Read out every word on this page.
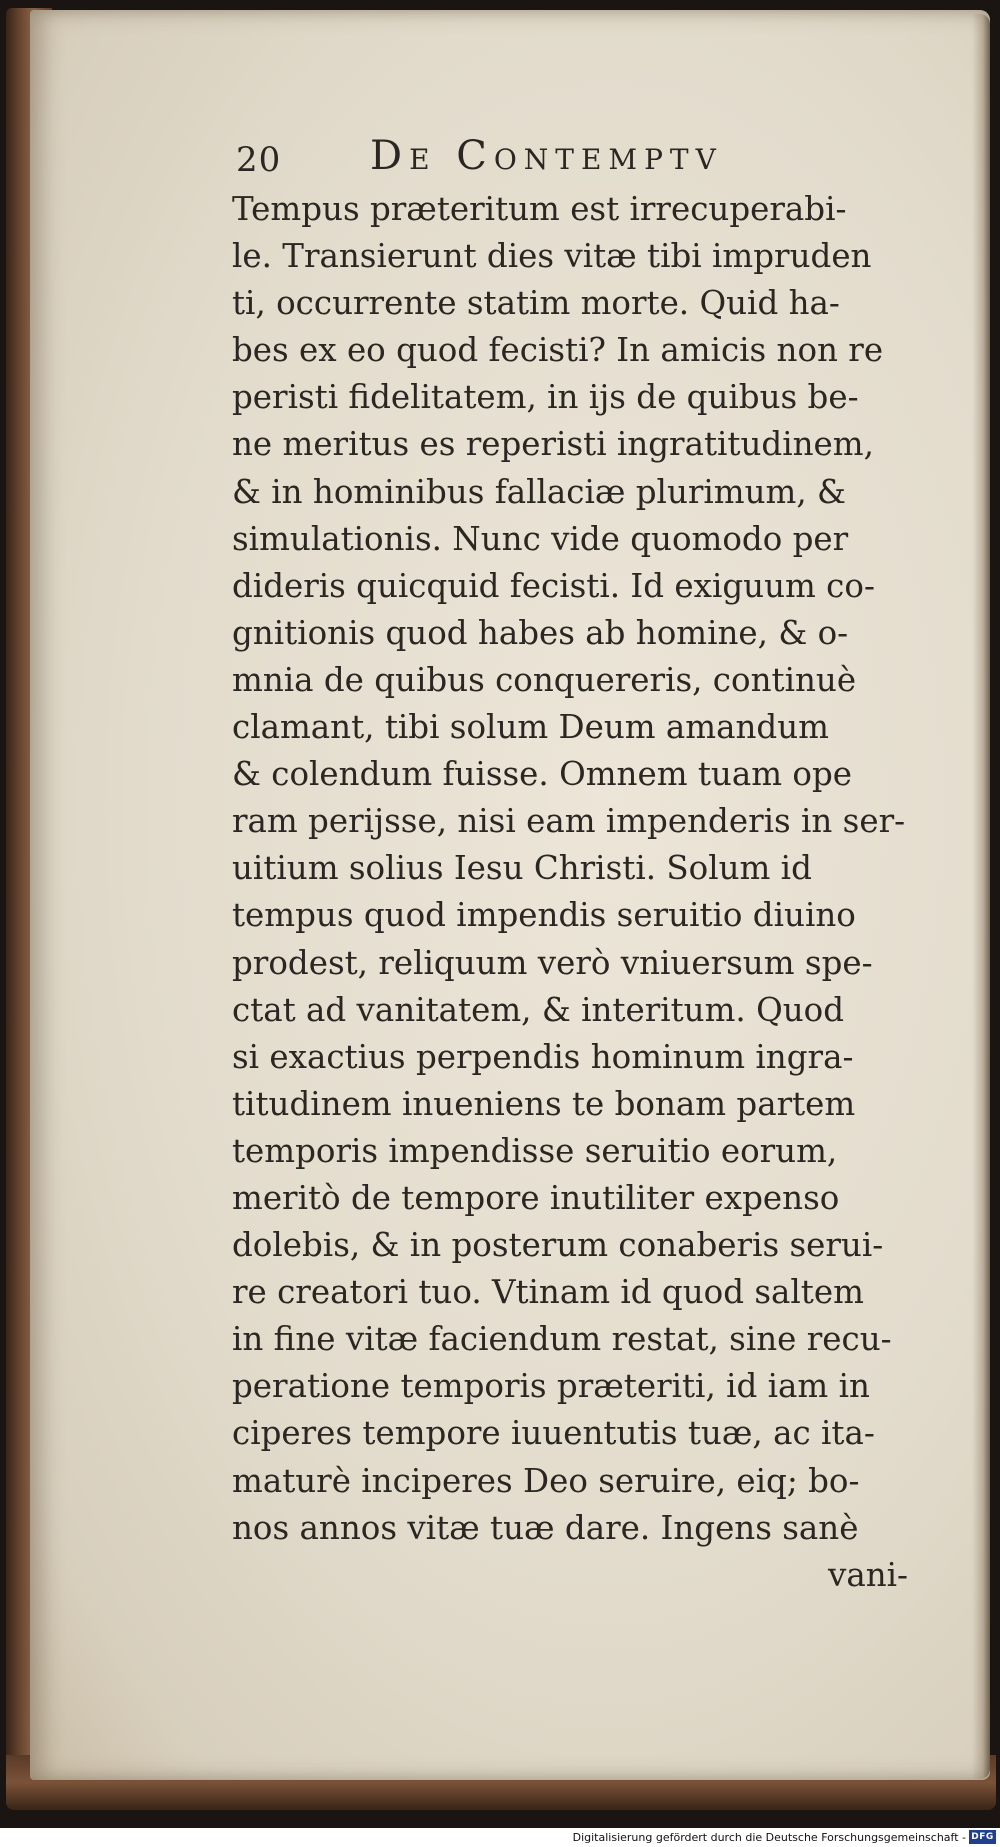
20 De Contemptv
Tempus præteritum est irrecuperabi-
le. Transierunt dies vitæ tibi impruden
ti, occurrente statim morte. Quid ha-
bes ex eo quod fecisti? In amicis non re
peristi fidelitatem, in ijs de quibus be-
ne meritus es reperisti ingratitudinem,
& in hominibus fallaciæ plurimum, &
simulationis. Nunc vide quomodo per
dideris quicquid fecisti. Id exiguum co-
gnitionis quod habes ab homine, & o-
mnia de quibus conquereris, continuè
clamant, tibi solum Deum amandum
& colendum fuisse. Omnem tuam ope
ram perijsse, nisi eam impenderis in ser-
uitium solius Iesu Christi. Solum id
tempus quod impendis seruitio diuino
prodest, reliquum verò vniuersum spe-
ctat ad vanitatem, & interitum. Quod
si exactius perpendis hominum ingra-
titudinem inueniens te bonam partem
temporis impendisse seruitio eorum,
meritò de tempore inutiliter expenso
dolebis, & in posterum conaberis serui-
re creatori tuo. Vtinam id quod saltem
in fine vitæ faciendum restat, sine recu-
peratione temporis præteriti, id iam in
ciperes tempore iuuentutis tuæ, ac ita-
maturè inciperes Deo seruire, eiq; bo-
nos annos vitæ tuæ dare. Ingens sanè
vani-
Digitalisierung gefördert durch die Deutsche Forschungsgemeinschaft - DFG
